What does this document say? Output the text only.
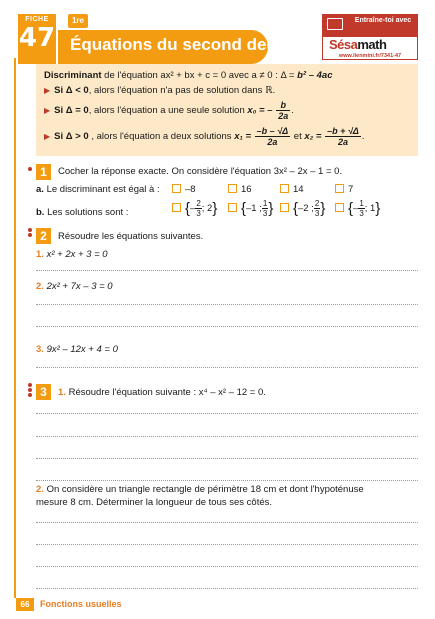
FICHE
47
1re
Équations du second degré
Entraîne-toi avec
Sésamath
www.lienmini.fr/7341-47
Discriminant de l'équation ax² + bx + c = 0 avec a ≠ 0 : Δ = b² – 4ac
▶ Si Δ < 0, alors l'équation n'a pas de solution dans ℝ.
▶ Si Δ = 0, alors l'équation a une seule solution x₀ = – $\frac{b}{2a}$ .
▶ Si Δ > 0 , alors l'équation a deux solutions $x_1 = \frac{-b - √\Delta}{2a}$ et $x_2 = \frac{-b + √\Delta}{2a}$ .
1	Cocher la réponse exacte. On considère l'équation 3x² – 2x – 1 = 0.
a. Le discriminant est égal à :	–8	16	14	7
b. Les solutions sont :	{– $\frac{2}{3}$ ; 2}	{–1 ; $\frac{1}{3}$ }	{–2 ; $\frac{2}{3}$ }	{– $\frac{1}{3}$ ; 1}
2	Résoudre les équations suivantes.
1. x² + 2x + 3 = 0
2. 2x² + 7x – 3 = 0
3. 9x² – 12x + 4 = 0
3	1. Résoudre l'équation suivante : x⁴ – x² – 12 = 0.
2. On considère un triangle rectangle de périmètre 18 cm et dont l'hypoténuse
mesure 8 cm. Déterminer la longueur de tous ses côtés.
66	Fonctions usuelles
